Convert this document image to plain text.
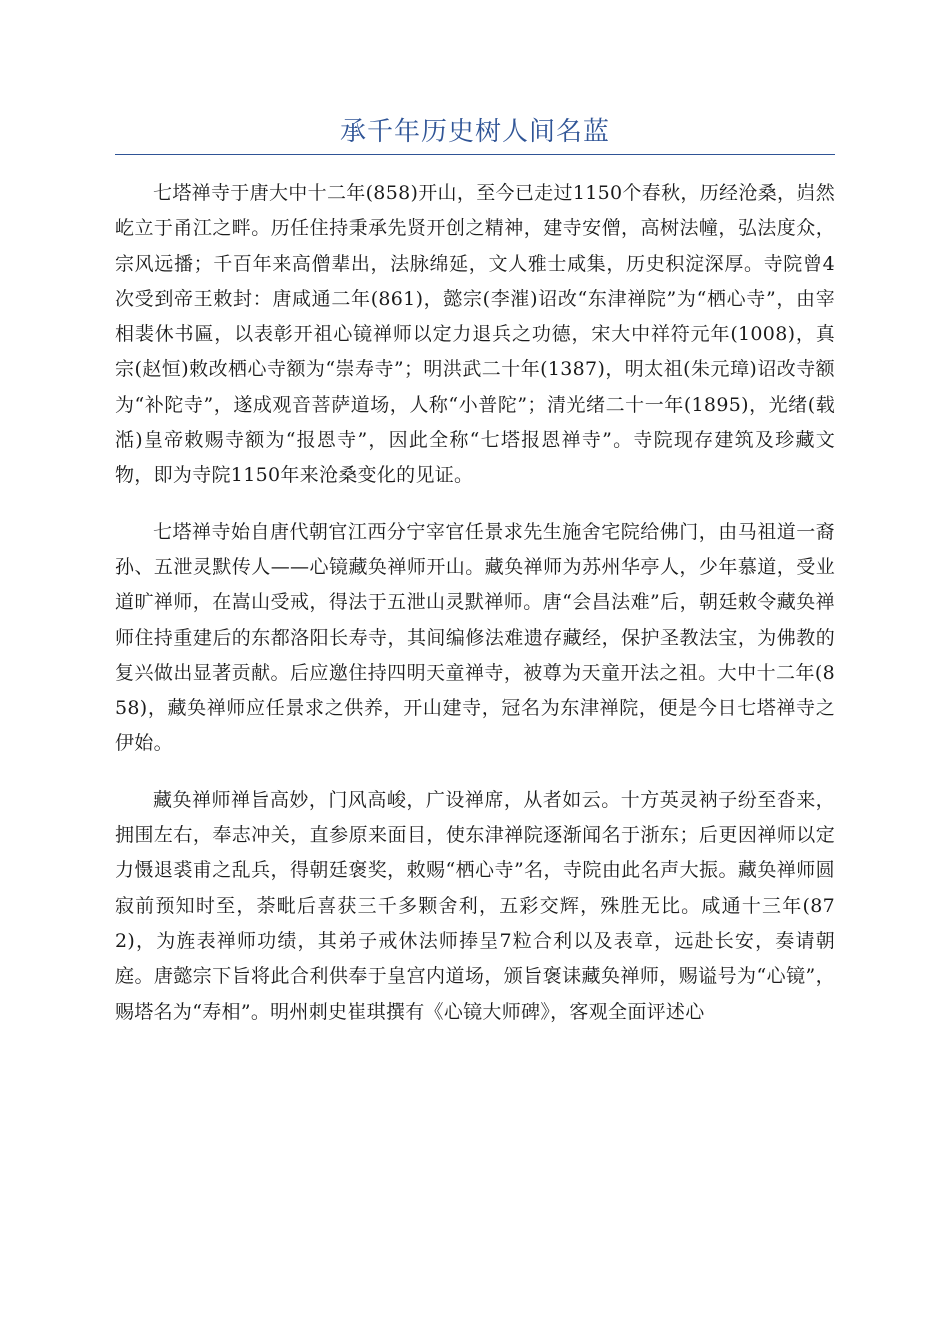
承千年历史树人间名蓝

七塔禅寺于唐大中十二年(858)开山，至今已走过1150个春秋，历经沧桑，岿然屹立于甬江之畔。历任住持秉承先贤开创之精神，建寺安僧，高树法幢，弘法度众，宗风远播；千百年来高僧辈出，法脉绵延，文人雅士咸集，历史积淀深厚。寺院曾4次受到帝王敕封：唐咸通二年(861)，懿宗(李漼)诏改“东津禅院”为“栖心寺”，由宰相裴休书匾，以表彰开祖心镜禅师以定力退兵之功德，宋大中祥符元年(1008)，真宗(赵恒)敕改栖心寺额为“崇寿寺”；明洪武二十年(1387)，明太祖(朱元璋)诏改寺额为“补陀寺”，遂成观音菩萨道场，人称“小普陀”；清光绪二十一年(1895)，光绪(载湉)皇帝敕赐寺额为“报恩寺”，因此全称“七塔报恩禅寺”。寺院现存建筑及珍藏文物，即为寺院1150年来沧桑变化的见证。

七塔禅寺始自唐代朝官江西分宁宰官任景求先生施舍宅院给佛门，由马祖道一裔孙、五泄灵默传人——心镜藏奂禅师开山。藏奂禅师为苏州华亭人，少年慕道，受业道旷禅师，在嵩山受戒，得法于五泄山灵默禅师。唐“会昌法难”后，朝廷敕令藏奂禅师住持重建后的东都洛阳长寿寺，其间编修法难遗存藏经，保护圣教法宝，为佛教的复兴做出显著贡献。后应邀住持四明天童禅寺，被尊为天童开法之祖。大中十二年(858)，藏奂禅师应任景求之供养，开山建寺，冠名为东津禅院，便是今日七塔禅寺之伊始。

藏奂禅师禅旨高妙，门风高峻，广设禅席，从者如云。十方英灵衲子纷至沓来，拥围左右，奉志冲关，直参原来面目，使东津禅院逐渐闻名于浙东；后更因禅师以定力慑退裘甫之乱兵，得朝廷褒奖，敕赐“栖心寺”名，寺院由此名声大振。藏奂禅师圆寂前预知时至，荼毗后喜获三千多颗舍利，五彩交辉，殊胜无比。咸通十三年(872)，为旌表禅师功绩，其弟子戒休法师捧呈7粒合利以及表章，远赴长安，奏请朝庭。唐懿宗下旨将此合利供奉于皇宫内道场，颁旨褒诔藏奂禅师，赐谥号为“心镜”，赐塔名为“寿相”。明州刺史崔琪撰有《心镜大师碑》，客观全面评述心
